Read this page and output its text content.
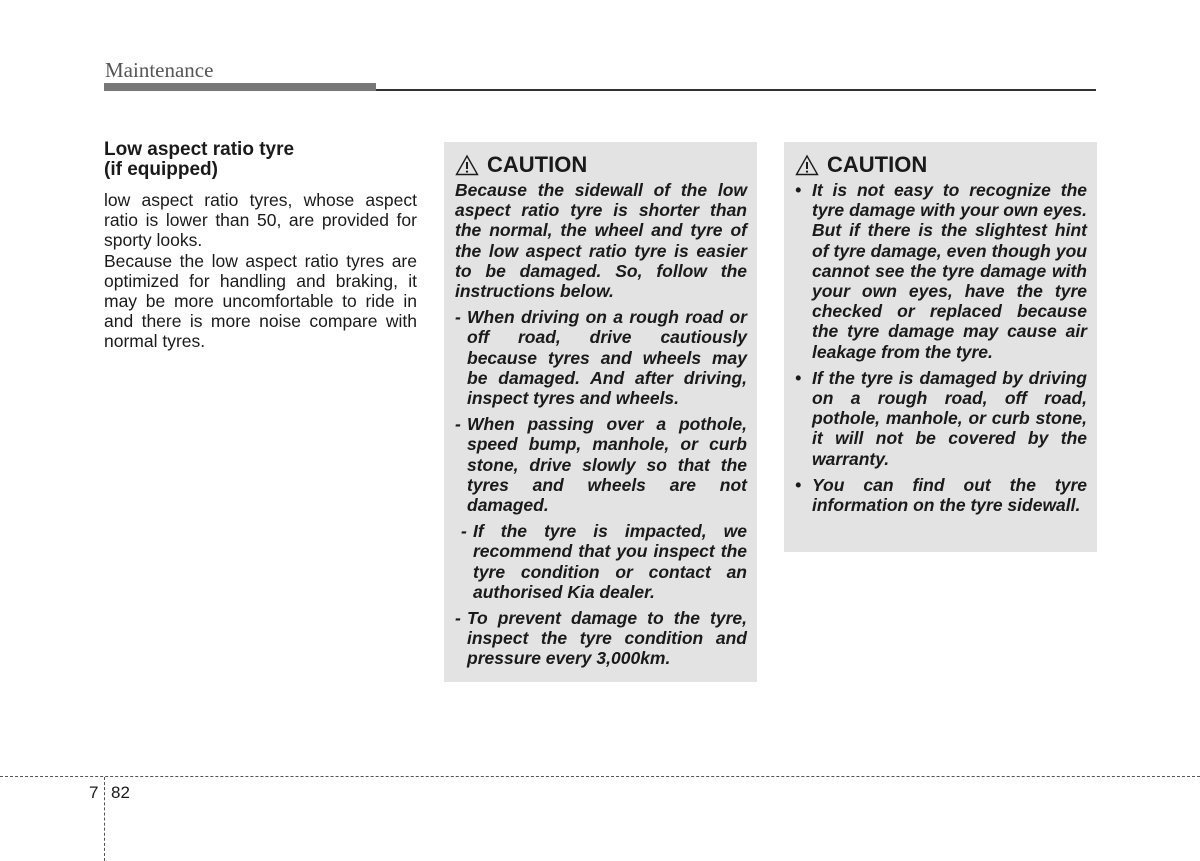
Maintenance
Low aspect ratio tyre
(if equipped)

low aspect ratio tyres, whose aspect ratio is lower than 50, are provided for sporty looks.

Because the low aspect ratio tyres are optimized for handling and braking, it may be more uncomfortable to ride in and there is more noise compare with normal tyres.

CAUTION

Because the sidewall of the low aspect ratio tyre is shorter than the normal, the wheel and tyre of the low aspect ratio tyre is easier to be damaged. So, follow the instructions below.

- When driving on a rough road or off road, drive cautiously because tyres and wheels may be damaged. And after driving, inspect tyres and wheels.
- When passing over a pothole, speed bump, manhole, or curb stone, drive slowly so that the tyres and wheels are not damaged.
- If the tyre is impacted, we recommend that you inspect the tyre condition or contact an authorised Kia dealer.
- To prevent damage to the tyre, inspect the tyre condition and pressure every 3,000km.
CAUTION
• It is not easy to recognize the tyre damage with your own eyes. But if there is the slightest hint of tyre damage, even though you cannot see the tyre damage with your own eyes, have the tyre checked or replaced because the tyre damage may cause air leakage from the tyre.
• If the tyre is damaged by driving on a rough road, off road, pothole, manhole, or curb stone, it will not be covered by the warranty.
• You can find out the tyre information on the tyre sidewall.
7 82
